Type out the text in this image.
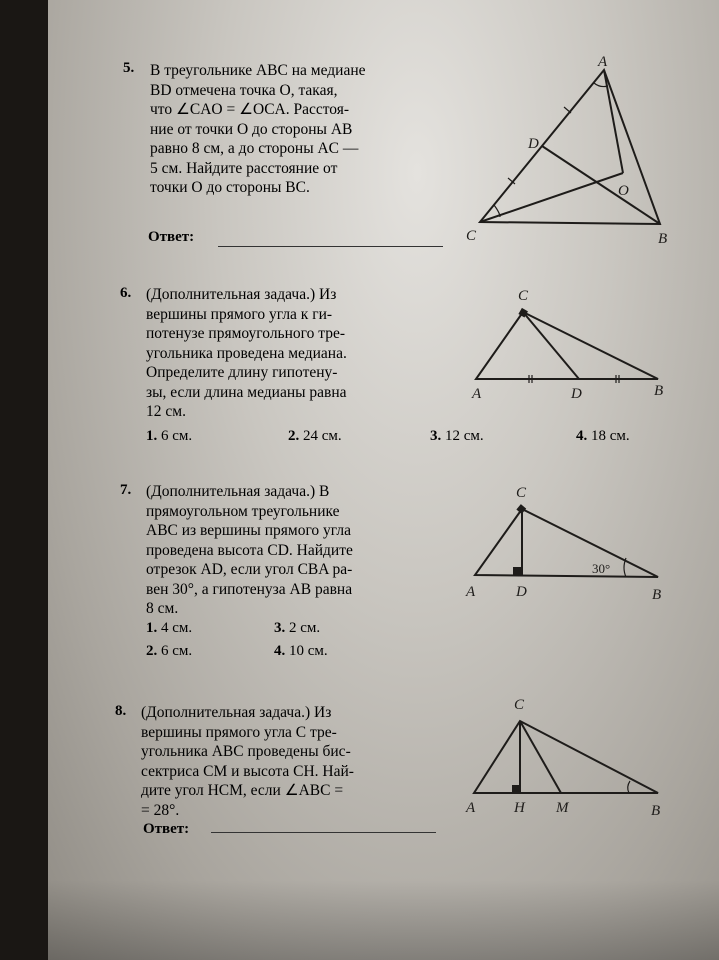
5. В треугольнике ABC на медиане
BD отмечена точка O, такая,
что ∠CAO = ∠OCA. Расстоя-
ние от точки O до стороны AB
равно 8 см, а до стороны AC —
5 см. Найдите расстояние от
точки O до стороны BC.
Ответ:
A
C	B
D
O
6. (Дополнительная задача.) Из
вершины прямого угла к ги-
потенузе прямоугольного тре-
угольника проведена медиана.
Определите длину гипотену-
зы, если длина медианы равна
12 см.
1. 6 см.	2. 24 см.	3. 12 см.	4. 18 см.
C
A	D	B
7. (Дополнительная задача.) В
прямоугольном треугольнике
ABC из вершины прямого угла
проведена высота CD. Найдите
отрезок AD, если угол CBA ра-
вен 30°, а гипотенуза AB равна
8 см.
1. 4 см.	3. 2 см.
2. 6 см.	4. 10 см.
C
A	D	B
30°
8. (Дополнительная задача.) Из
вершины прямого угла C тре-
угольника ABC проведены бис-
сектриса CM и высота CH. Най-
дите угол HCM, если ∠ABC =
= 28°.
Ответ:
C
A	H M	B
